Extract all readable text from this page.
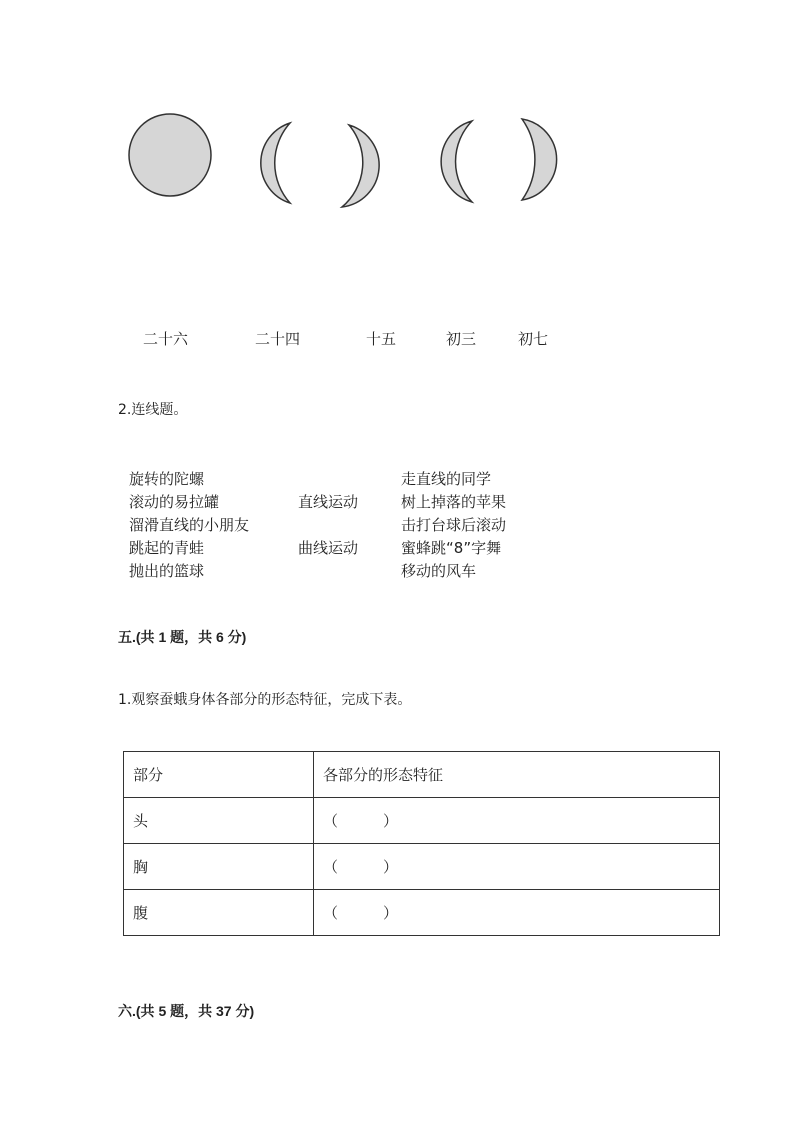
二十六	二十四	十五	初三	初七
2.连线题。
旋转的陀螺
滚动的易拉罐
溜滑直线的小朋友
跳起的青蛙
抛出的篮球
直线运动
曲线运动
走直线的同学
树上掉落的苹果
击打台球后滚动
蜜蜂跳“8”字舞
移动的风车
五.(共 1 题，共 6 分)
1.观察蚕蛾身体各部分的形态特征，完成下表。
部分	各部分的形态特征
头	（　　　）
胸	（　　　）
腹	（　　　）
六.(共 5 题，共 37 分)
